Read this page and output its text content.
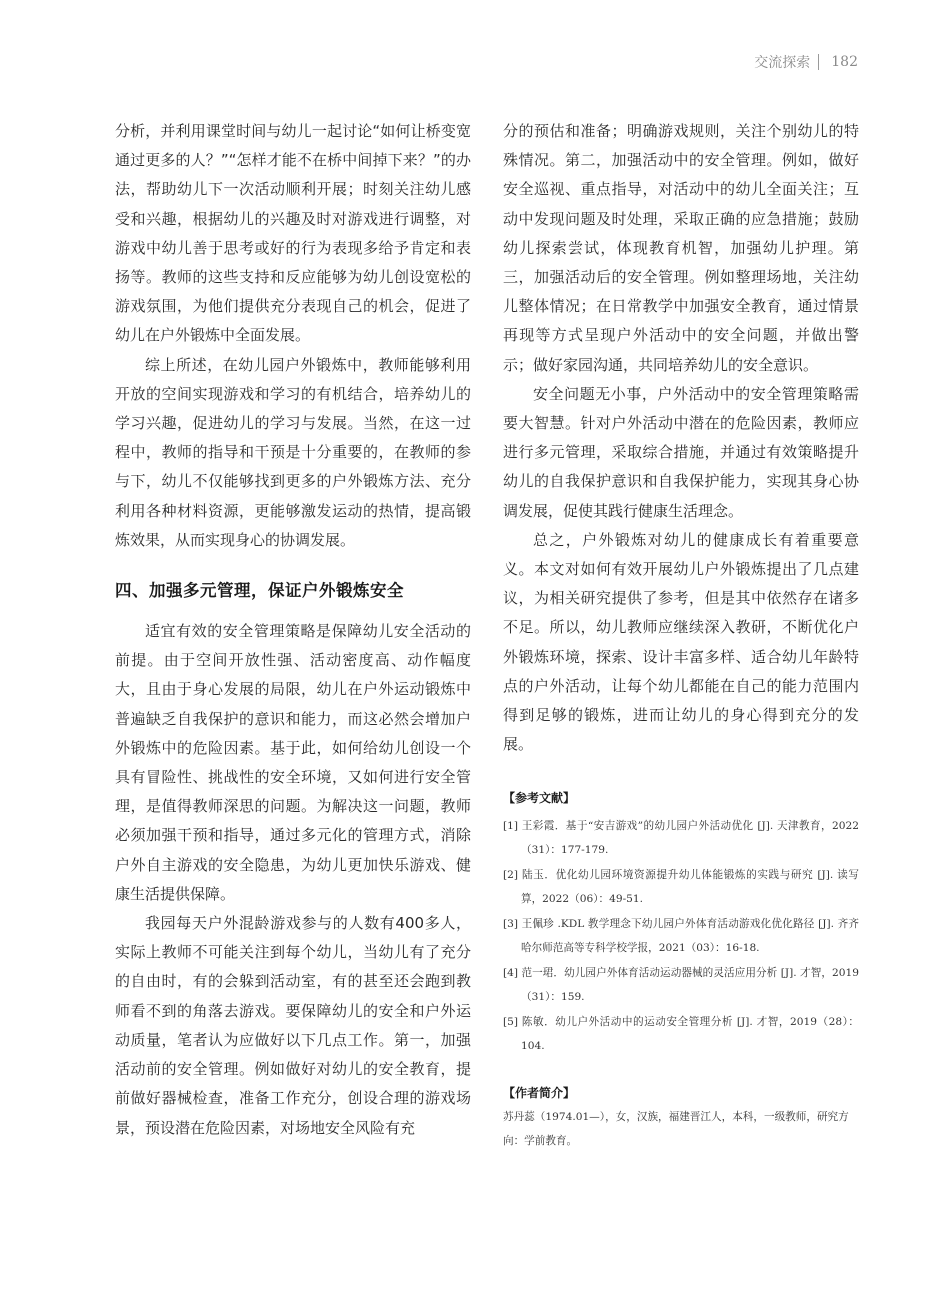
交流探索 182

分析，并利用课堂时间与幼儿一起讨论“如何让桥变宽通过更多的人？”“怎样才能不在桥中间掉下来？”的办法，帮助幼儿下一次活动顺利开展；时刻关注幼儿感受和兴趣，根据幼儿的兴趣及时对游戏进行调整，对游戏中幼儿善于思考或好的行为表现多给予肯定和表扬等。教师的这些支持和反应能够为幼儿创设宽松的游戏氛围，为他们提供充分表现自己的机会，促进了幼儿在户外锻炼中全面发展。

综上所述，在幼儿园户外锻炼中，教师能够利用开放的空间实现游戏和学习的有机结合，培养幼儿的学习兴趣，促进幼儿的学习与发展。当然，在这一过程中，教师的指导和干预是十分重要的，在教师的参与下，幼儿不仅能够找到更多的户外锻炼方法、充分利用各种材料资源，更能够激发运动的热情，提高锻炼效果，从而实现身心的协调发展。

四、加强多元管理，保证户外锻炼安全

适宜有效的安全管理策略是保障幼儿安全活动的前提。由于空间开放性强、活动密度高、动作幅度大，且由于身心发展的局限，幼儿在户外运动锻炼中普遍缺乏自我保护的意识和能力，而这必然会增加户外锻炼中的危险因素。基于此，如何给幼儿创设一个具有冒险性、挑战性的安全环境，又如何进行安全管理，是值得教师深思的问题。为解决这一问题，教师必须加强干预和指导，通过多元化的管理方式，消除户外自主游戏的安全隐患，为幼儿更加快乐游戏、健康生活提供保障。

我园每天户外混龄游戏参与的人数有400多人，实际上教师不可能关注到每个幼儿，当幼儿有了充分的自由时，有的会躲到活动室，有的甚至还会跑到教师看不到的角落去游戏。要保障幼儿的安全和户外运动质量，笔者认为应做好以下几点工作。第一，加强活动前的安全管理。例如做好对幼儿的安全教育，提前做好器械检查，准备工作充分，创设合理的游戏场景，预设潜在危险因素，对场地安全风险有充

分的预估和准备；明确游戏规则，关注个别幼儿的特殊情况。第二，加强活动中的安全管理。例如，做好安全巡视、重点指导，对活动中的幼儿全面关注；互动中发现问题及时处理，采取正确的应急措施；鼓励幼儿探索尝试，体现教育机智，加强幼儿护理。第三，加强活动后的安全管理。例如整理场地，关注幼儿整体情况；在日常教学中加强安全教育，通过情景再现等方式呈现户外活动中的安全问题，并做出警示；做好家园沟通，共同培养幼儿的安全意识。

安全问题无小事，户外活动中的安全管理策略需要大智慧。针对户外活动中潜在的危险因素，教师应进行多元管理，采取综合措施，并通过有效策略提升幼儿的自我保护意识和自我保护能力，实现其身心协调发展，促使其践行健康生活理念。

总之，户外锻炼对幼儿的健康成长有着重要意义。本文对如何有效开展幼儿户外锻炼提出了几点建议，为相关研究提供了参考，但是其中依然存在诸多不足。所以，幼儿教师应继续深入教研，不断优化户外锻炼环境，探索、设计丰富多样、适合幼儿年龄特点的户外活动，让每个幼儿都能在自己的能力范围内得到足够的锻炼，进而让幼儿的身心得到充分的发展。

【参考文献】

[1] 王彩霞．基于“安吉游戏”的幼儿园户外活动优化 [J]. 天津教育，2022（31）：177-179.

[2] 陆玉．优化幼儿园环境资源提升幼儿体能锻炼的实践与研究 [J]. 读写算，2022（06）：49-51.

[3] 王佩珍 .KDL 教学理念下幼儿园户外体育活动游戏化优化路径 [J]. 齐齐哈尔师范高等专科学校学报，2021（03）：16-18.

[4] 范一珺．幼儿园户外体育活动运动器械的灵活应用分析 [J]. 才智，2019（31）：159.

[5] 陈敏．幼儿户外活动中的运动安全管理分析 [J]. 才智，2019（28）：104.

【作者简介】

苏丹蕊（1974.01—），女，汉族，福建晋江人，本科，一级教师，研究方向：学前教育。
